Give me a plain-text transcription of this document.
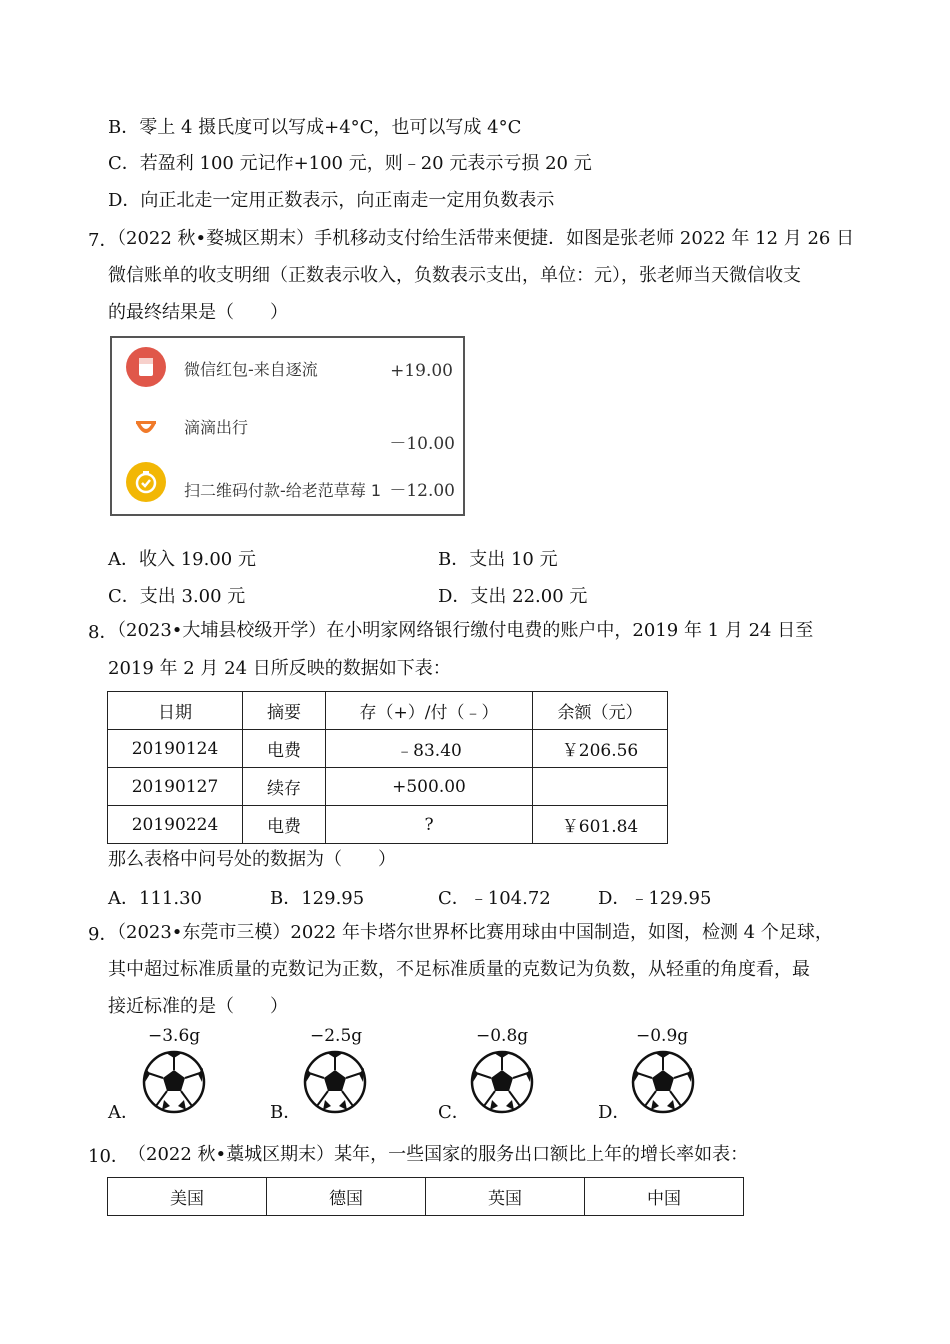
B．零上 4 摄氏度可以写成+4°C，也可以写成 4°C
C．若盈利 100 元记作+100 元，则﹣20 元表示亏损 20 元
D．向正北走一定用正数表示，向正南走一定用负数表示
7．
（2022 秋•婺城区期末）手机移动支付给生活带来便捷．如图是张老师 2022 年 12 月 26 日
微信账单的收支明细（正数表示收入，负数表示支出，单位：元），张老师当天微信收支
的最终结果是（　　）
微信红包-来自逐流	+19.00
滴滴出行
－10.00
扫二维码付款-给老范草莓 1 －12.00
A．收入 19.00 元	B．支出 10 元
C．支出 3.00 元	D．支出 22.00 元
8．
（2023•大埔县校级开学）在小明家网络银行缴付电费的账户中，2019 年 1 月 24 日至
2019 年 2 月 24 日所反映的数据如下表：
日期	摘要	存（+）/付（﹣）	余额（元）
20190124	电费	﹣83.40	￥206.56
20190127	续存	+500.00	
20190224	电费	?	￥601.84
那么表格中问号处的数据为（　　）
A．111.30	B．129.95	C．﹣104.72	D．﹣129.95
9．
（2023•东莞市三模）2022 年卡塔尔世界杯比赛用球由中国制造，如图，检测 4 个足球，
其中超过标准质量的克数记为正数，不足标准质量的克数记为负数，从轻重的角度看，最
接近标准的是（　　）
−3.6g
A．
−2.5g
B．
−0.8g
C．
−0.9g
D．
10． （2022 秋•藁城区期末）某年，一些国家的服务出口额比上年的增长率如表：
美国	德国	英国	中国
